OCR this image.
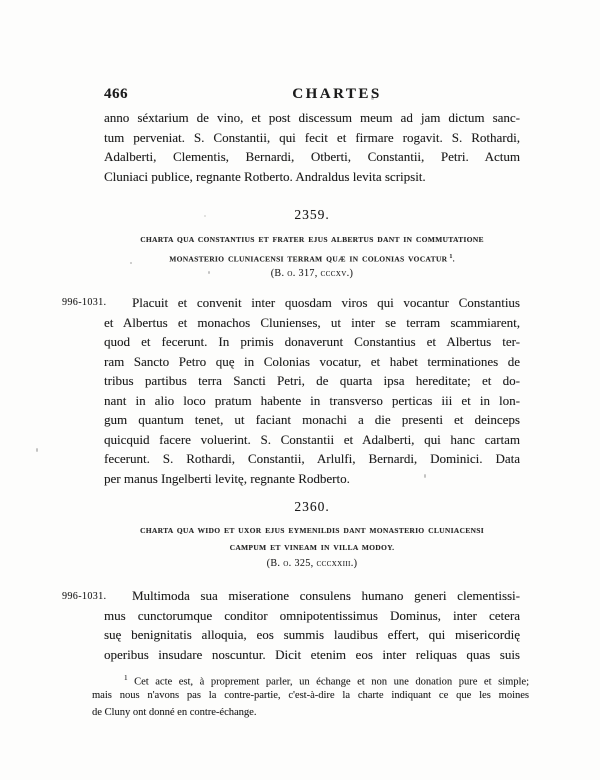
466	CHARTES
anno séxtarium de vino, et post discessum meum ad jam dictum sanc-
tum perveniat. S. Constantii, qui fecit et firmare rogavit. S. Rothardi,
Adalberti, Clementis, Bernardi, Otberti, Constantii, Petri. Actum
Cluniaci publice, regnante Rotberto. Andraldus levita scripsit.
2359.
CHARTA QUA CONSTANTIUS ET FRATER EJUS ALBERTUS DANT IN COMMUTATIONE
MONASTERIO CLUNIACENSI TERRAM QUÆ IN COLONIAS VOCATUR $^1$.
(B. o. 317, cccxv.)
996-1031.	Placuit et convenit inter quosdam viros qui vocantur Constantius
et Albertus et monachos Clunienses, ut inter se terram scammiarent,
quod et fecerunt. In primis donaverunt Constantius et Albertus ter-
ram Sancto Petro quę in Colonias vocatur, et habet terminationes de
tribus partibus terra Sancti Petri, de quarta ipsa hereditate; et do-
nant in alio loco pratum habente in transverso perticas iii et in lon-
gum quantum tenet, ut faciant monachi a die presenti et deinceps
quicquid facere voluerint. S. Constantii et Adalberti, qui hanc cartam
fecerunt. S. Rothardi, Constantii, Arlulfi, Bernardi, Dominici. Data
per manus Ingelberti levitę, regnante Rodberto.
2360.
CHARTA QUA WIDO ET UXOR EJUS EYMENILDIS DANT MONASTERIO CLUNIACENSI
CAMPUM ET VINEAM IN VILLA MODOY.
(B. o. 325, cccxxiii.)
996-1031.	Multimoda sua miseratione consulens humano generi clementissi-
mus cunctorumque conditor omnipotentissimus Dominus, inter cetera
suę benignitatis alloquia, eos summis laudibus effert, qui misericordię
operibus insudare noscuntur. Dicit etenim eos inter reliquas quas suis
$^1$ Cet acte est, à proprement parler, un échange et non une donation pure et simple;
mais nous n'avons pas la contre-partie, c'est-à-dire la charte indiquant ce que les moines
de Cluny ont donné en contre-échange.
